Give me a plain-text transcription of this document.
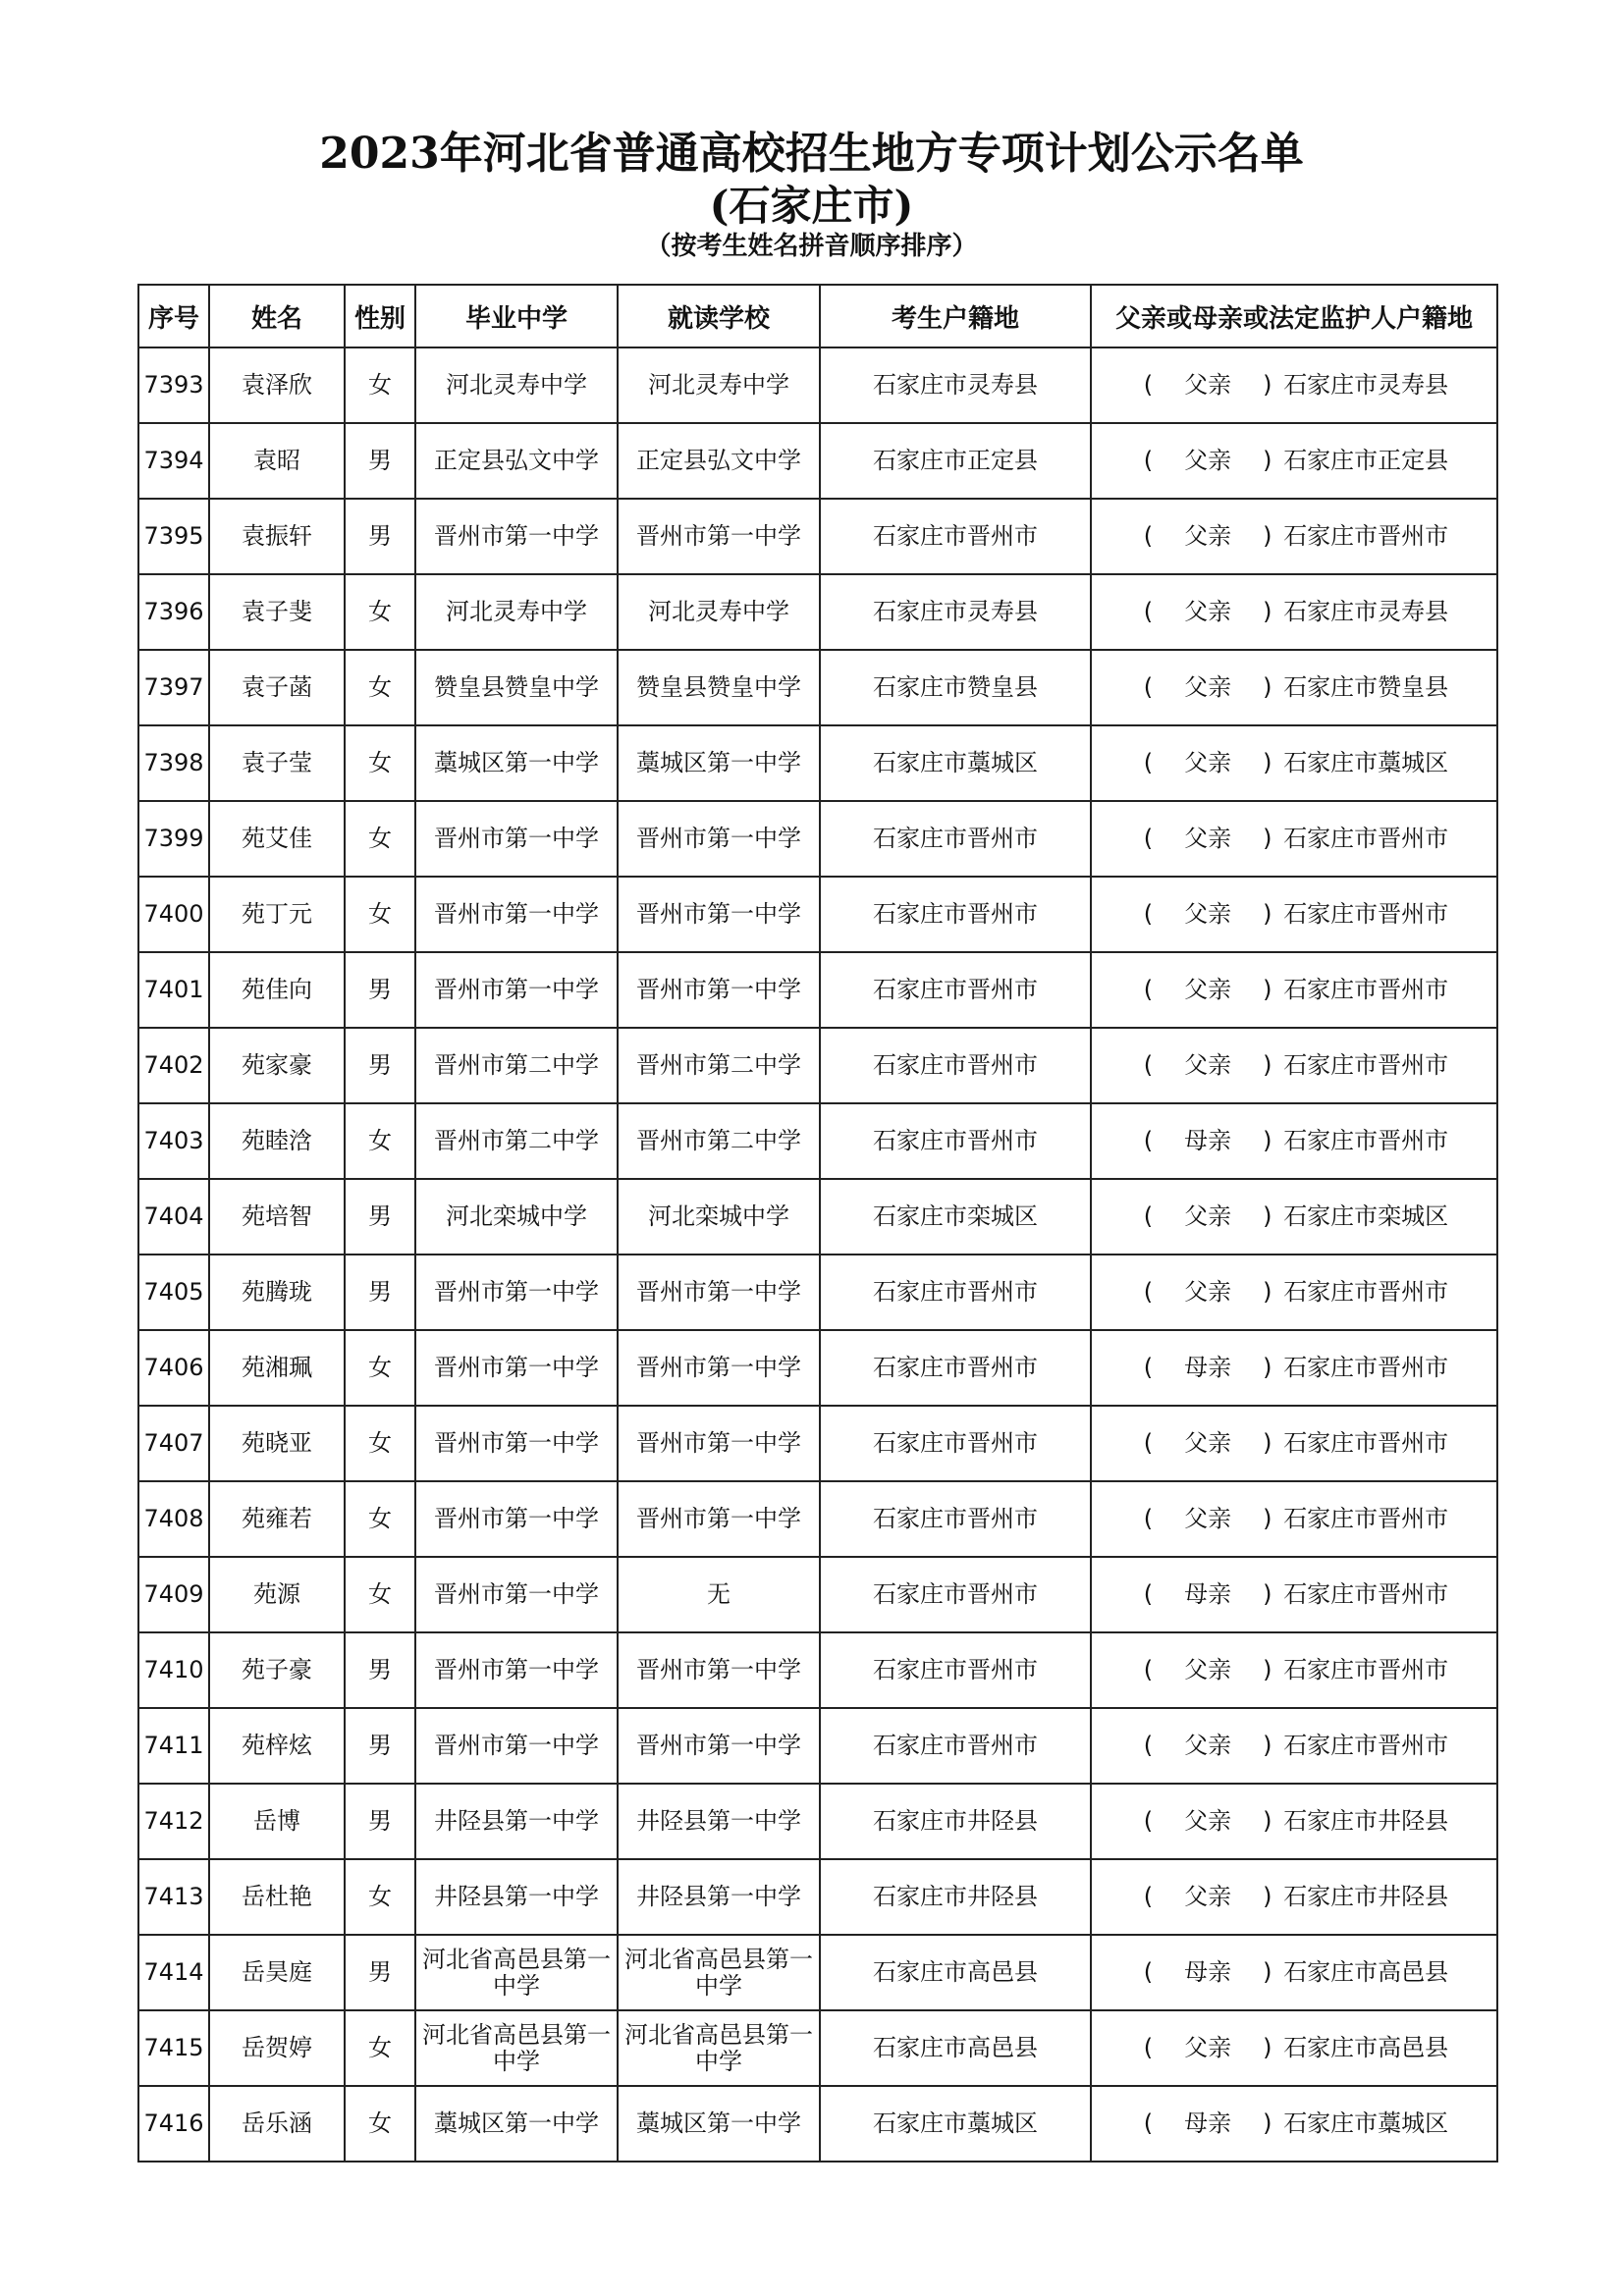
2023年河北省普通高校招生地方专项计划公示名单
(石家庄市)
（按考生姓名拼音顺序排序）
序号	姓名	性别	毕业中学	就读学校	考生户籍地	父亲或母亲或法定监护人户籍地
7393	袁泽欣	女	河北灵寿中学	河北灵寿中学	石家庄市灵寿县	( 父亲 ) 石家庄市灵寿县
7394	袁昭	男	正定县弘文中学	正定县弘文中学	石家庄市正定县	( 父亲 ) 石家庄市正定县
7395	袁振轩	男	晋州市第一中学	晋州市第一中学	石家庄市晋州市	( 父亲 ) 石家庄市晋州市
7396	袁子斐	女	河北灵寿中学	河北灵寿中学	石家庄市灵寿县	( 父亲 ) 石家庄市灵寿县
7397	袁子菡	女	赞皇县赞皇中学	赞皇县赞皇中学	石家庄市赞皇县	( 父亲 ) 石家庄市赞皇县
7398	袁子莹	女	藁城区第一中学	藁城区第一中学	石家庄市藁城区	( 父亲 ) 石家庄市藁城区
7399	苑艾佳	女	晋州市第一中学	晋州市第一中学	石家庄市晋州市	( 父亲 ) 石家庄市晋州市
7400	苑丁元	女	晋州市第一中学	晋州市第一中学	石家庄市晋州市	( 父亲 ) 石家庄市晋州市
7401	苑佳向	男	晋州市第一中学	晋州市第一中学	石家庄市晋州市	( 父亲 ) 石家庄市晋州市
7402	苑家豪	男	晋州市第二中学	晋州市第二中学	石家庄市晋州市	( 父亲 ) 石家庄市晋州市
7403	苑睦浛	女	晋州市第二中学	晋州市第二中学	石家庄市晋州市	( 母亲 ) 石家庄市晋州市
7404	苑培智	男	河北栾城中学	河北栾城中学	石家庄市栾城区	( 父亲 ) 石家庄市栾城区
7405	苑腾珑	男	晋州市第一中学	晋州市第一中学	石家庄市晋州市	( 父亲 ) 石家庄市晋州市
7406	苑湘珮	女	晋州市第一中学	晋州市第一中学	石家庄市晋州市	( 母亲 ) 石家庄市晋州市
7407	苑晓亚	女	晋州市第一中学	晋州市第一中学	石家庄市晋州市	( 父亲 ) 石家庄市晋州市
7408	苑雍若	女	晋州市第一中学	晋州市第一中学	石家庄市晋州市	( 父亲 ) 石家庄市晋州市
7409	苑源	女	晋州市第一中学	无	石家庄市晋州市	( 母亲 ) 石家庄市晋州市
7410	苑子豪	男	晋州市第一中学	晋州市第一中学	石家庄市晋州市	( 父亲 ) 石家庄市晋州市
7411	苑梓炫	男	晋州市第一中学	晋州市第一中学	石家庄市晋州市	( 父亲 ) 石家庄市晋州市
7412	岳博	男	井陉县第一中学	井陉县第一中学	石家庄市井陉县	( 父亲 ) 石家庄市井陉县
7413	岳杜艳	女	井陉县第一中学	井陉县第一中学	石家庄市井陉县	( 父亲 ) 石家庄市井陉县
7414	岳昊庭	男	河北省高邑县第一中学	河北省高邑县第一中学	石家庄市高邑县	( 母亲 ) 石家庄市高邑县
7415	岳贺婷	女	河北省高邑县第一中学	河北省高邑县第一中学	石家庄市高邑县	( 父亲 ) 石家庄市高邑县
7416	岳乐涵	女	藁城区第一中学	藁城区第一中学	石家庄市藁城区	( 母亲 ) 石家庄市藁城区
